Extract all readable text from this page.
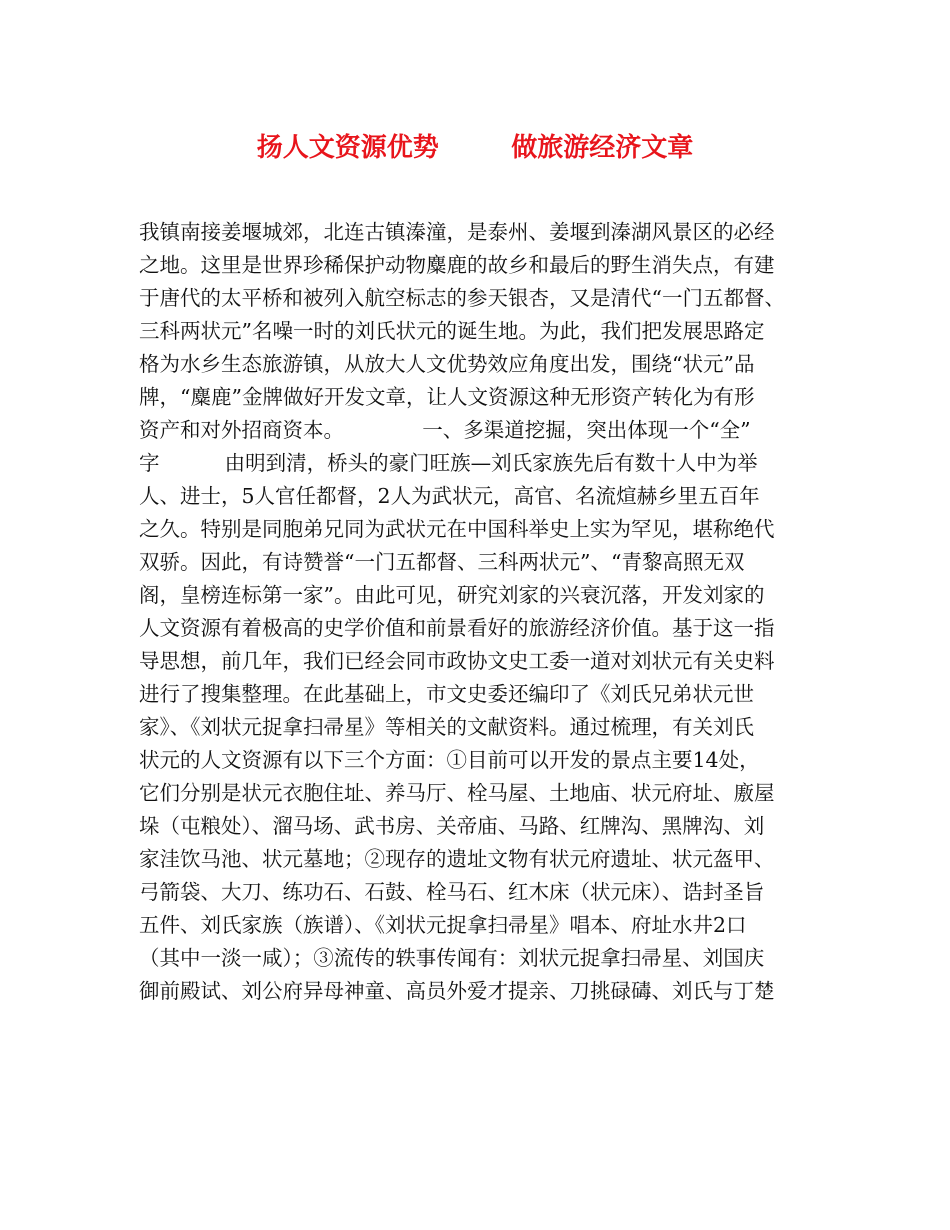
扬人文资源优势        做旅游经济文章
我镇南接姜堰城郊，北连古镇溱潼，是泰州、姜堰到溱湖风景区的必经
之地。这里是世界珍稀保护动物麋鹿的故乡和最后的野生消失点，有建
于唐代的太平桥和被列入航空标志的参天银杏，又是清代“一门五都督、
三科两状元”名噪一时的刘氏状元的诞生地。为此，我们把发展思路定
格为水乡生态旅游镇，从放大人文优势效应角度出发，围绕“状元”品
牌，“麋鹿”金牌做好开发文章，让人文资源这种无形资产转化为有形
资产和对外招商资本。            一、多渠道挖掘，突出体现一个“全”
字          由明到清，桥头的豪门旺族—刘氏家族先后有数十人中为举
人、进士，5人官任都督，2人为武状元，高官、名流煊赫乡里五百年
之久。特别是同胞弟兄同为武状元在中国科举史上实为罕见，堪称绝代
双骄。因此，有诗赞誉“一门五都督、三科两状元”、“青黎高照无双
阁，皇榜连标第一家”。由此可见，研究刘家的兴衰沉落，开发刘家的
人文资源有着极高的史学价值和前景看好的旅游经济价值。基于这一指
导思想，前几年，我们已经会同市政协文史工委一道对刘状元有关史料
进行了搜集整理。在此基础上，市文史委还编印了《刘氏兄弟状元世
家》、《刘状元捉拿扫帚星》等相关的文献资料。通过梳理，有关刘氏
状元的人文资源有以下三个方面：①目前可以开发的景点主要14处，
它们分别是状元衣胞住址、养马厅、栓马屋、土地庙、状元府址、廒屋
垛（屯粮处）、溜马场、武书房、关帝庙、马路、红牌沟、黑牌沟、刘
家洼饮马池、状元墓地；②现存的遗址文物有状元府遗址、状元盔甲、
弓箭袋、大刀、练功石、石鼓、栓马石、红木床（状元床）、诰封圣旨
五件、刘氏家族（族谱）、《刘状元捉拿扫帚星》唱本、府址水井2口
（其中一淡一咸）；③流传的轶事传闻有：刘状元捉拿扫帚星、刘国庆
御前殿试、刘公府异母神童、高员外爱才提亲、刀挑碌碡、刘氏与丁楚
